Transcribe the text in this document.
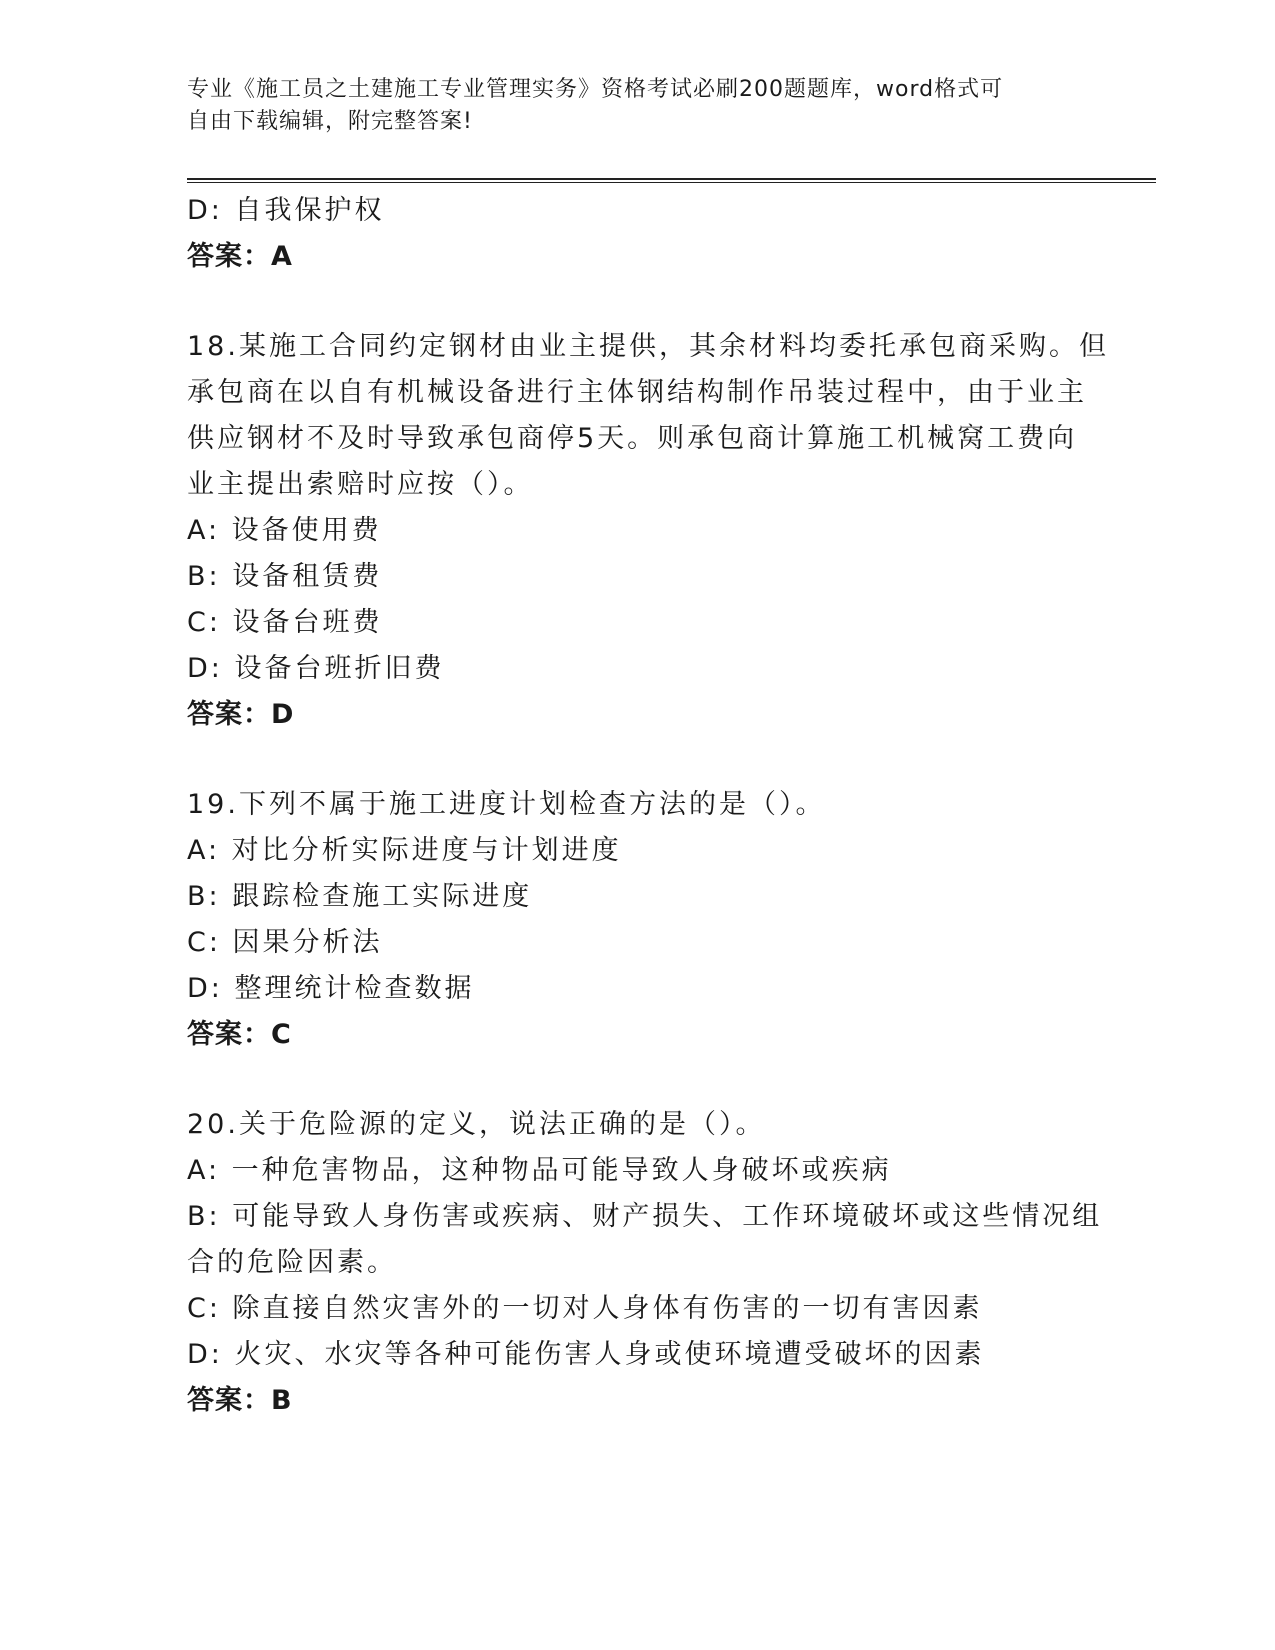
专业《施工员之土建施工专业管理实务》资格考试必刷200题题库，word格式可
自由下载编辑，附完整答案!
D: 自我保护权
答案：A
18.某施工合同约定钢材由业主提供，其余材料均委托承包商采购。但
承包商在以自有机械设备进行主体钢结构制作吊装过程中，由于业主
供应钢材不及时导致承包商停5天。则承包商计算施工机械窝工费向
业主提出索赔时应按（）。
A: 设备使用费
B: 设备租赁费
C: 设备台班费
D: 设备台班折旧费
答案：D
19.下列不属于施工进度计划检查方法的是（）。
A: 对比分析实际进度与计划进度
B: 跟踪检查施工实际进度
C: 因果分析法
D: 整理统计检查数据
答案：C
20.关于危险源的定义，说法正确的是（）。
A: 一种危害物品，这种物品可能导致人身破坏或疾病
B: 可能导致人身伤害或疾病、财产损失、工作环境破坏或这些情况组
合的危险因素。
C: 除直接自然灾害外的一切对人身体有伤害的一切有害因素
D: 火灾、水灾等各种可能伤害人身或使环境遭受破坏的因素
答案：B
